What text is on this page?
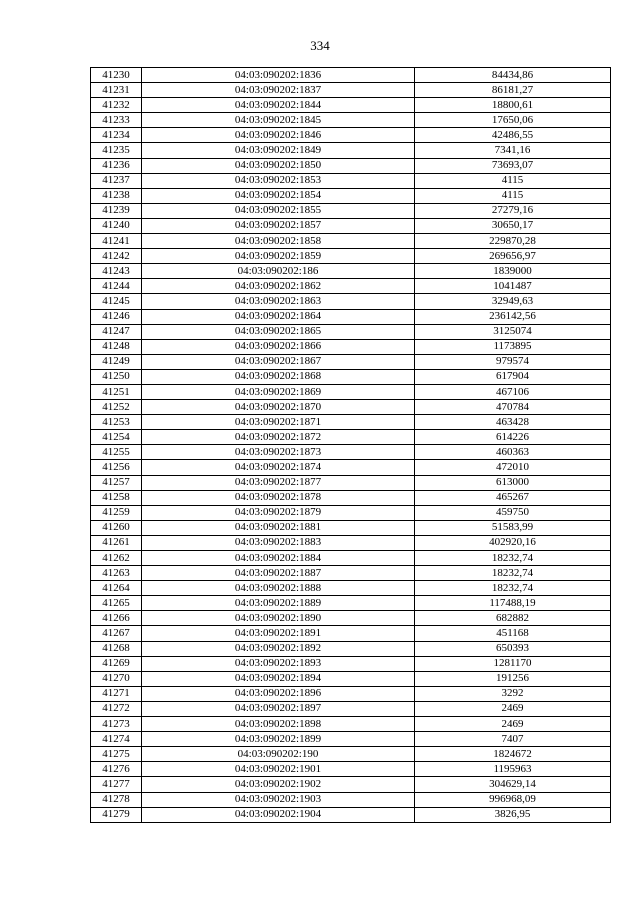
334
41230	04:03:090202:1836	84434,86
41231	04:03:090202:1837	86181,27
41232	04:03:090202:1844	18800,61
41233	04:03:090202:1845	17650,06
41234	04:03:090202:1846	42486,55
41235	04:03:090202:1849	7341,16
41236	04:03:090202:1850	73693,07
41237	04:03:090202:1853	4115
41238	04:03:090202:1854	4115
41239	04:03:090202:1855	27279,16
41240	04:03:090202:1857	30650,17
41241	04:03:090202:1858	229870,28
41242	04:03:090202:1859	269656,97
41243	04:03:090202:186	1839000
41244	04:03:090202:1862	1041487
41245	04:03:090202:1863	32949,63
41246	04:03:090202:1864	236142,56
41247	04:03:090202:1865	3125074
41248	04:03:090202:1866	1173895
41249	04:03:090202:1867	979574
41250	04:03:090202:1868	617904
41251	04:03:090202:1869	467106
41252	04:03:090202:1870	470784
41253	04:03:090202:1871	463428
41254	04:03:090202:1872	614226
41255	04:03:090202:1873	460363
41256	04:03:090202:1874	472010
41257	04:03:090202:1877	613000
41258	04:03:090202:1878	465267
41259	04:03:090202:1879	459750
41260	04:03:090202:1881	51583,99
41261	04:03:090202:1883	402920,16
41262	04:03:090202:1884	18232,74
41263	04:03:090202:1887	18232,74
41264	04:03:090202:1888	18232,74
41265	04:03:090202:1889	117488,19
41266	04:03:090202:1890	682882
41267	04:03:090202:1891	451168
41268	04:03:090202:1892	650393
41269	04:03:090202:1893	1281170
41270	04:03:090202:1894	191256
41271	04:03:090202:1896	3292
41272	04:03:090202:1897	2469
41273	04:03:090202:1898	2469
41274	04:03:090202:1899	7407
41275	04:03:090202:190	1824672
41276	04:03:090202:1901	1195963
41277	04:03:090202:1902	304629,14
41278	04:03:090202:1903	996968,09
41279	04:03:090202:1904	3826,95
